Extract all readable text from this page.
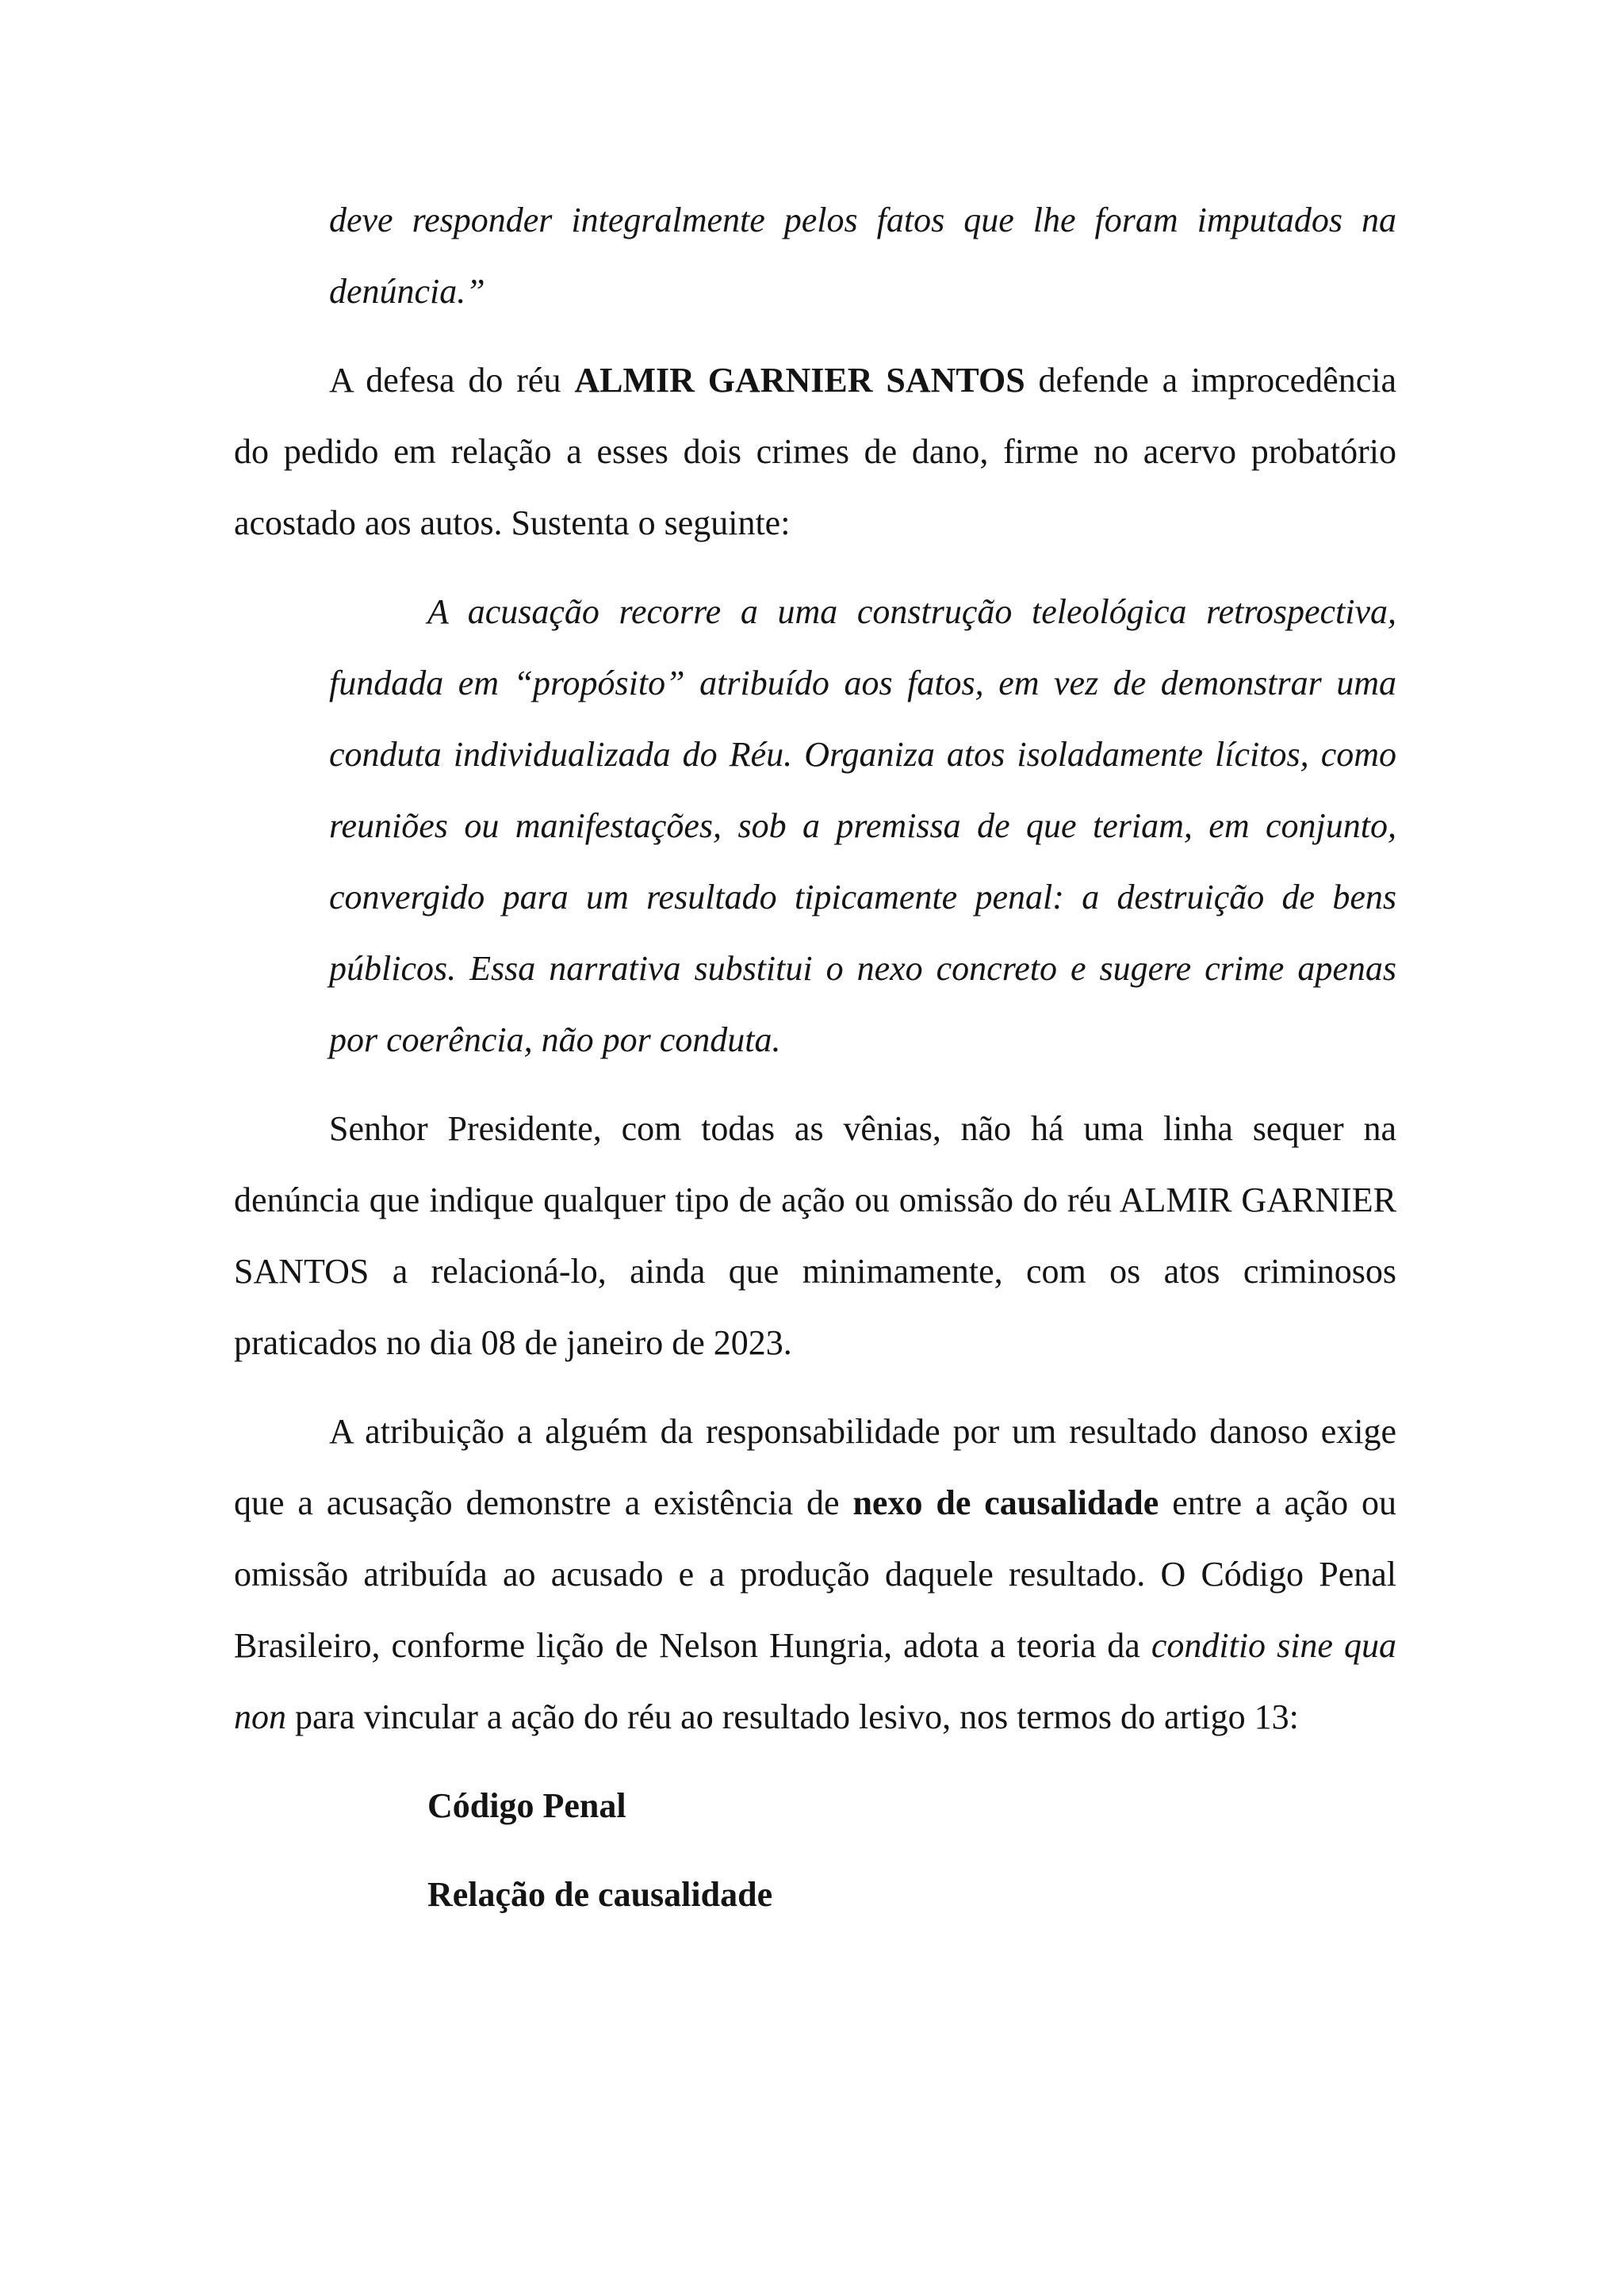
deve responder integralmente pelos fatos que lhe foram imputados na denúncia.”

A defesa do réu ALMIR GARNIER SANTOS defende a improcedência do pedido em relação a esses dois crimes de dano, firme no acervo probatório acostado aos autos. Sustenta o seguinte:

A acusação recorre a uma construção teleológica retrospectiva, fundada em “propósito” atribuído aos fatos, em vez de demonstrar uma conduta individualizada do Réu. Organiza atos isoladamente lícitos, como reuniões ou manifestações, sob a premissa de que teriam, em conjunto, convergido para um resultado tipicamente penal: a destruição de bens públicos. Essa narrativa substitui o nexo concreto e sugere crime apenas por coerência, não por conduta.

Senhor Presidente, com todas as vênias, não há uma linha sequer na denúncia que indique qualquer tipo de ação ou omissão do réu ALMIR GARNIER SANTOS a relacioná-lo, ainda que minimamente, com os atos criminosos praticados no dia 08 de janeiro de 2023.

A atribuição a alguém da responsabilidade por um resultado danoso exige que a acusação demonstre a existência de nexo de causalidade entre a ação ou omissão atribuída ao acusado e a produção daquele resultado. O Código Penal Brasileiro, conforme lição de Nelson Hungria, adota a teoria da conditio sine qua non para vincular a ação do réu ao resultado lesivo, nos termos do artigo 13:

Código Penal

Relação de causalidade
